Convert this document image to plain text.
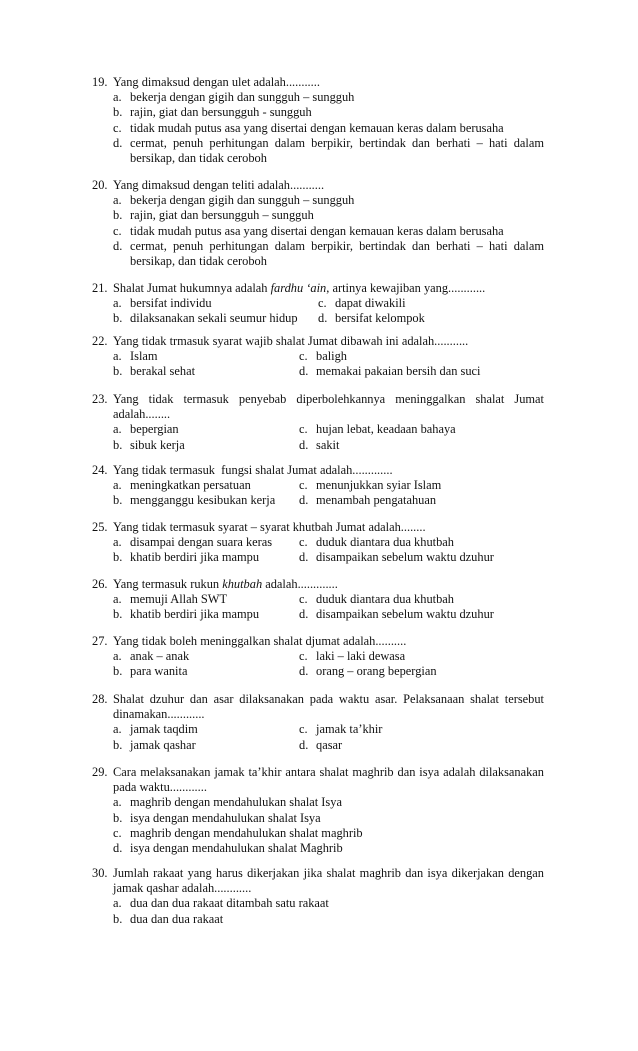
19. Yang dimaksud dengan ulet adalah...........
a. bekerja dengan gigih dan sungguh – sungguh
b. rajin, giat dan bersungguh - sungguh
c. tidak mudah putus asa yang disertai dengan kemauan keras dalam berusaha
d. cermat, penuh perhitungan dalam berpikir, bertindak dan berhati – hati dalam bersikap, dan tidak ceroboh
20. Yang dimaksud dengan teliti adalah...........
a. bekerja dengan gigih dan sungguh – sungguh
b. rajin, giat dan bersungguh – sungguh
c. tidak mudah putus asa yang disertai dengan kemauan keras dalam berusaha
d. cermat, penuh perhitungan dalam berpikir, bertindak dan berhati – hati dalam bersikap, dan tidak ceroboh
21. Shalat Jumat hukumnya adalah fardhu ‘ain, artinya kewajiban yang............
a. bersifat individu	c. dapat diwakili
b. dilaksanakan sekali seumur hidup d. bersifat kelompok
22. Yang tidak trmasuk syarat wajib shalat Jumat dibawah ini adalah...........
a. Islam	c. baligh
b. berakal sehat	d. memakai pakaian bersih dan suci
23. Yang tidak termasuk penyebab diperbolehkannya meninggalkan shalat Jumat
adalah........
a. bepergian	c. hujan lebat, keadaan bahaya
b. sibuk kerja	d. sakit
24. Yang tidak termasuk  fungsi shalat Jumat adalah.............
a. meningkatkan persatuan	c. menunjukkan syiar Islam
b. mengganggu kesibukan kerja d. menambah pengatahuan
25. Yang tidak termasuk syarat – syarat khutbah Jumat adalah........
a. disampai dengan suara keras c. duduk diantara dua khutbah
b. khatib berdiri jika mampu	d. disampaikan sebelum waktu dzuhur
26. Yang termasuk rukun khutbah adalah.............
a. memuji Allah SWT	c. duduk diantara dua khutbah
b. khatib berdiri jika mampu	d. disampaikan sebelum waktu dzuhur
27. Yang tidak boleh meninggalkan shalat djumat adalah..........
a. anak – anak	c. laki – laki dewasa
b. para wanita	d. orang – orang bepergian
28. Shalat dzuhur dan asar dilaksanakan pada waktu asar. Pelaksanaan shalat tersebut
dinamakan............
a. jamak taqdim	c. jamak ta’khir
b. jamak qashar	d. qasar
29. Cara melaksanakan jamak ta’khir antara shalat maghrib dan isya adalah dilaksanakan
pada waktu............
a. maghrib dengan mendahulukan shalat Isya
b. isya dengan mendahulukan shalat Isya
c. maghrib dengan mendahulukan shalat maghrib
d. isya dengan mendahulukan shalat Maghrib
30. Jumlah rakaat yang harus dikerjakan jika shalat maghrib dan isya dikerjakan dengan
jamak qashar adalah............
a. dua dan dua rakaat ditambah satu rakaat
b. dua dan dua rakaat
